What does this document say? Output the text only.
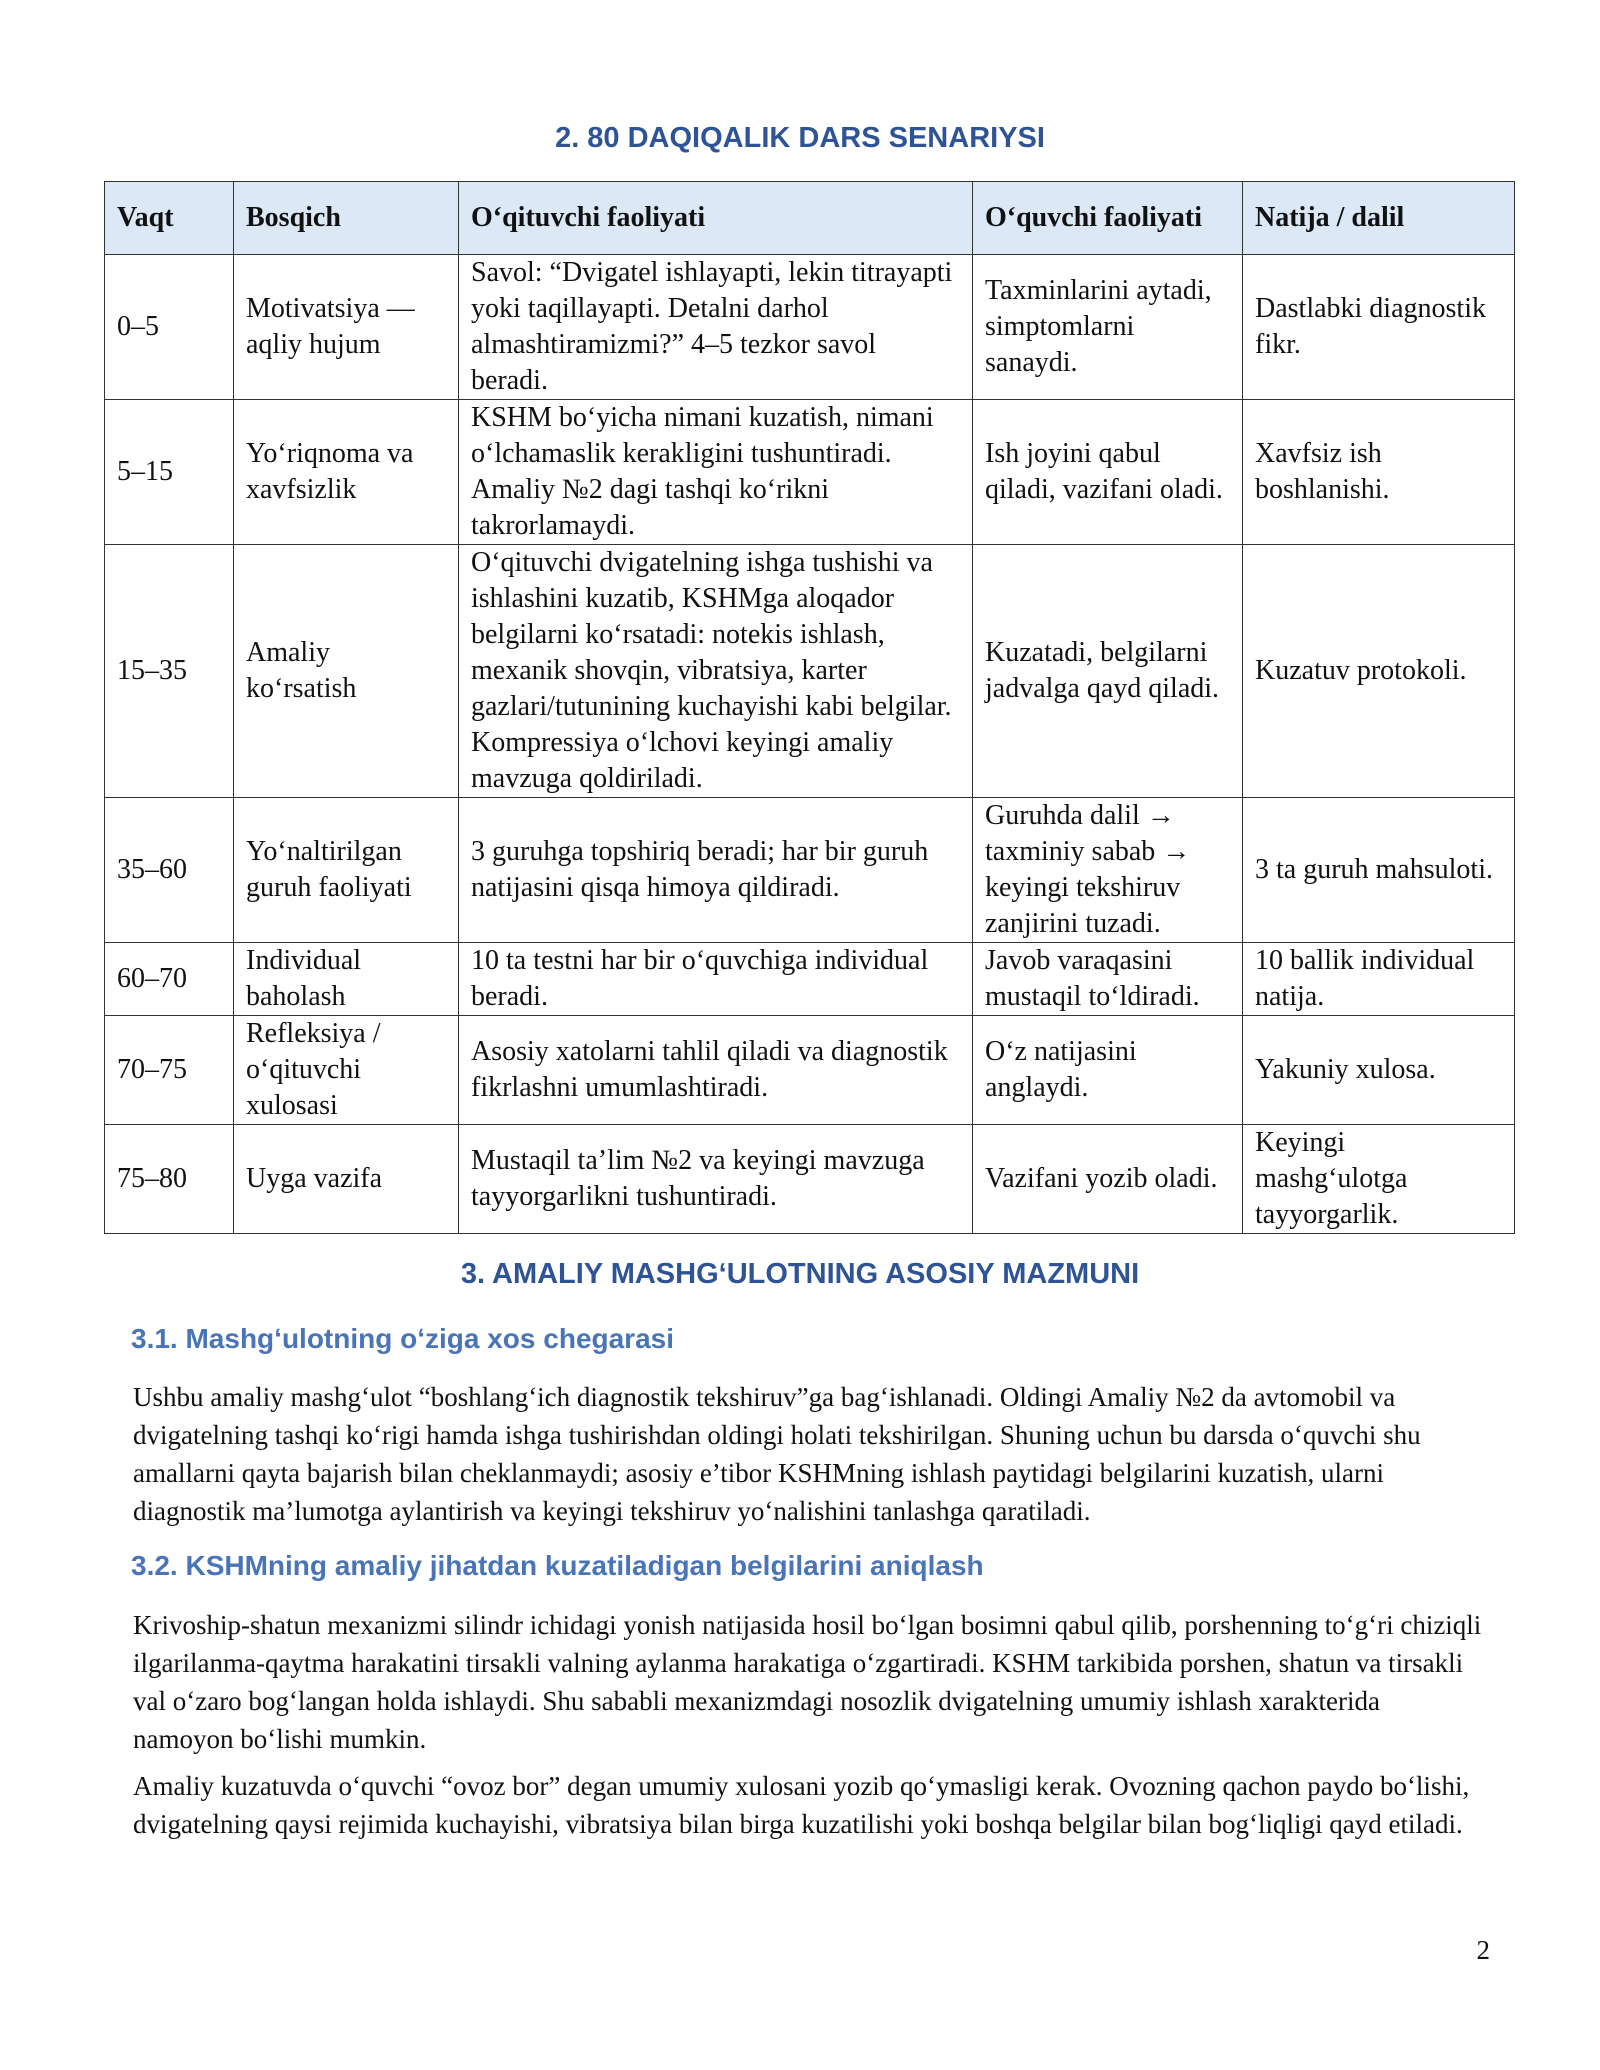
2. 80 DAQIQALIK DARS SENARIYSI
Vaqt	Bosqich	O‘qituvchi faoliyati	O‘quvchi faoliyati	Natija / dalil
0–5	Motivatsiya — aqliy hujum	Savol: “Dvigatel ishlayapti, lekin titrayapti yoki taqillayapti. Detalni darhol almashtiramizmi?” 4–5 tezkor savol beradi.	Taxminlarini aytadi, simptomlarni sanaydi.	Dastlabki diagnostik fikr.
5–15	Yo‘riqnoma va xavfsizlik	KSHM bo‘yicha nimani kuzatish, nimani o‘lchamaslik kerakligini tushuntiradi. Amaliy №2 dagi tashqi ko‘rikni takrorlamaydi.	Ish joyini qabul qiladi, vazifani oladi.	Xavfsiz ish boshlanishi.
15–35	Amaliy ko‘rsatish	O‘qituvchi dvigatelning ishga tushishi va ishlashini kuzatib, KSHMga aloqador belgilarni ko‘rsatadi: notekis ishlash, mexanik shovqin, vibratsiya, karter gazlari/tutunining kuchayishi kabi belgilar. Kompressiya o‘lchovi keyingi amaliy mavzuga qoldiriladi.	Kuzatadi, belgilarni jadvalga qayd qiladi.	Kuzatuv protokoli.
35–60	Yo‘naltirilgan guruh faoliyati	3 guruhga topshiriq beradi; har bir guruh natijasini qisqa himoya qildiradi.	Guruhda dalil → taxminiy sabab → keyingi tekshiruv zanjirini tuzadi.	3 ta guruh mahsuloti.
60–70	Individual baholash	10 ta testni har bir o‘quvchiga individual beradi.	Javob varaqasini mustaqil to‘ldiradi.	10 ballik individual natija.
70–75	Refleksiya / o‘qituvchi xulosasi	Asosiy xatolarni tahlil qiladi va diagnostik fikrlashni umumlashtiradi.	O‘z natijasini anglaydi.	Yakuniy xulosa.
75–80	Uyga vazifa	Mustaqil ta’lim №2 va keyingi mavzuga tayyorgarlikni tushuntiradi.	Vazifani yozib oladi.	Keyingi mashg‘ulotga tayyorgarlik.
3. AMALIY MASHGʻULOTNING ASOSIY MAZMUNI
3.1. Mashgʻulotning oʻziga xos chegarasi

Ushbu amaliy mashg‘ulot “boshlang‘ich diagnostik tekshiruv”ga bag‘ishlanadi. Oldingi Amaliy №2 da avtomobil va dvigatelning tashqi ko‘rigi hamda ishga tushirishdan oldingi holati tekshirilgan. Shuning uchun bu darsda o‘quvchi shu amallarni qayta bajarish bilan cheklanmaydi; asosiy e’tibor KSHMning ishlash paytidagi belgilarini kuzatish, ularni diagnostik ma’lumotga aylantirish va keyingi tekshiruv yo‘nalishini tanlashga qaratiladi.

3.2. KSHMning amaliy jihatdan kuzatiladigan belgilarini aniqlash

Krivoship-shatun mexanizmi silindr ichidagi yonish natijasida hosil bo‘lgan bosimni qabul qilib, porshenning to‘g‘ri chiziqli ilgarilanma-qaytma harakatini tirsakli valning aylanma harakatiga o‘zgartiradi. KSHM tarkibida porshen, shatun va tirsakli val o‘zaro bog‘langan holda ishlaydi. Shu sababli mexanizmdagi nosozlik dvigatelning umumiy ishlash xarakterida namoyon bo‘lishi mumkin.

Amaliy kuzatuvda o‘quvchi “ovoz bor” degan umumiy xulosani yozib qo‘ymasligi kerak. Ovozning qachon paydo bo‘lishi, dvigatelning qaysi rejimida kuchayishi, vibratsiya bilan birga kuzatilishi yoki boshqa belgilar bilan bog‘liqligi qayd etiladi.

2
